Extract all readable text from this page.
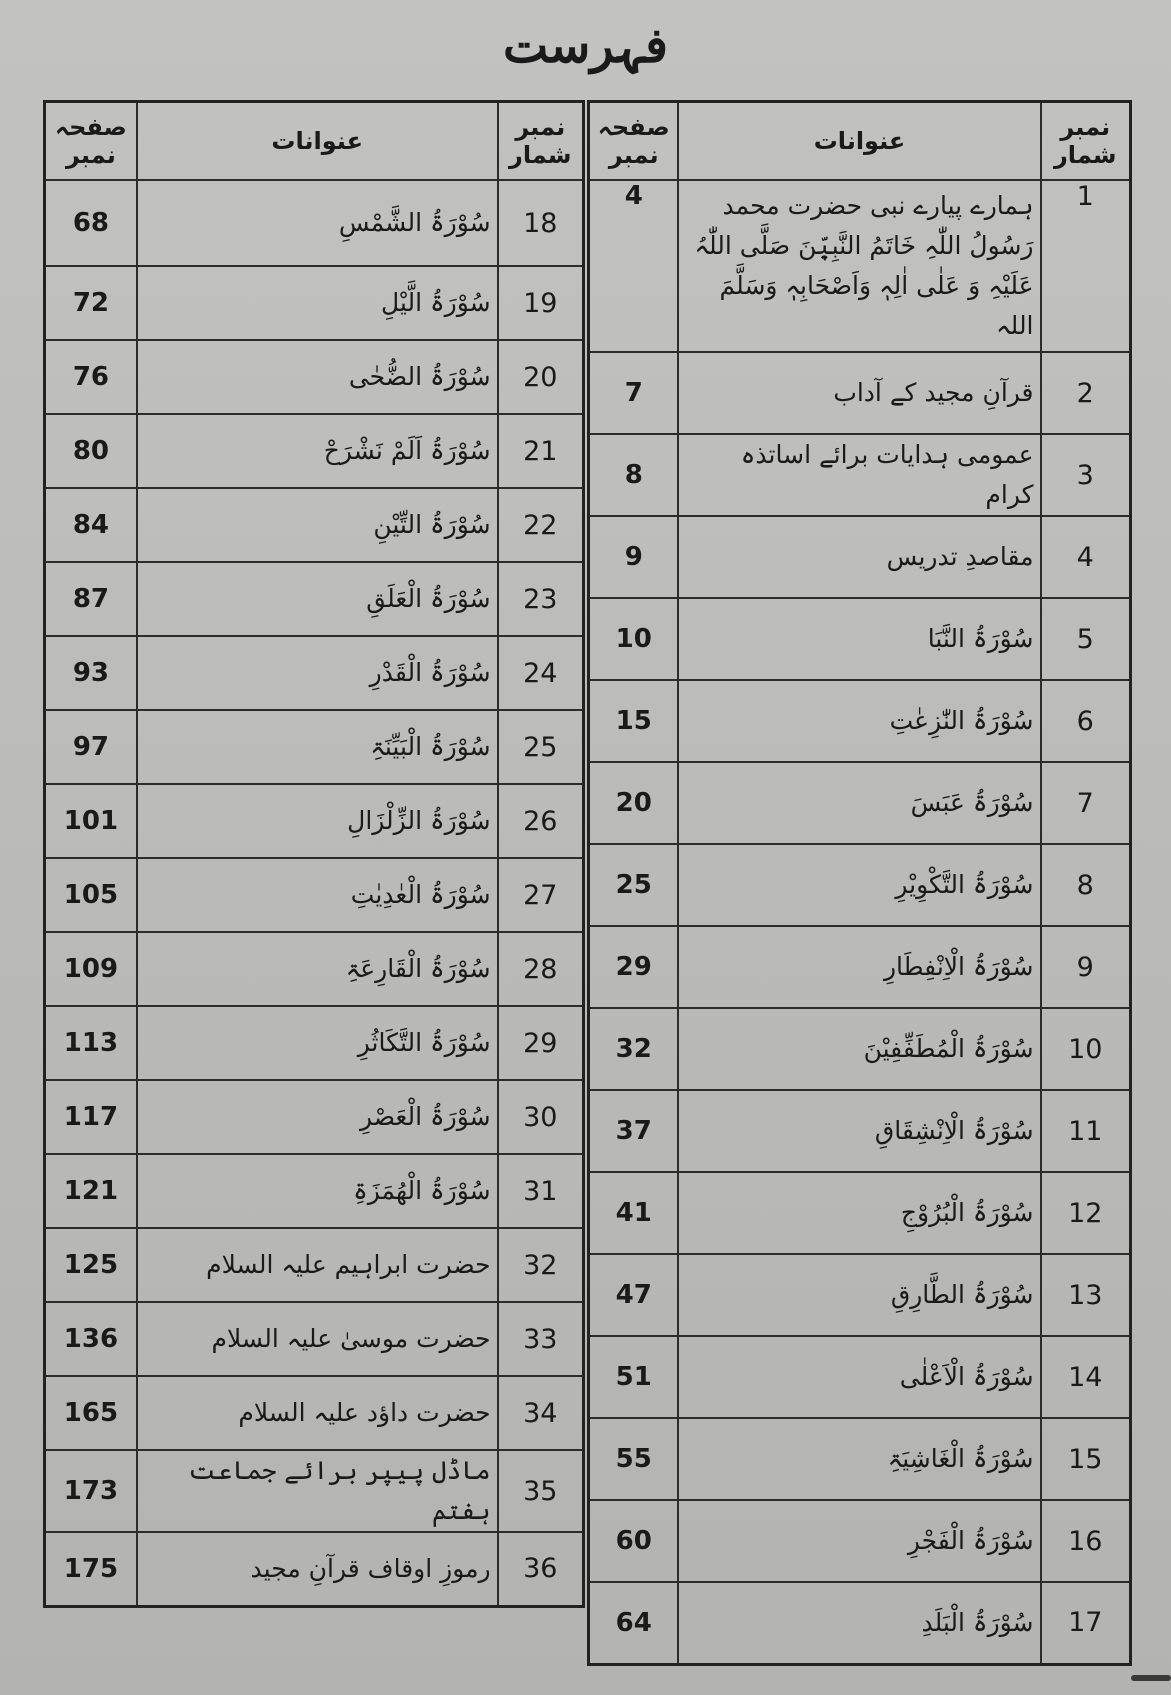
فہرست
صفحہ نمبر	عنوانات	نمبر شمار
4	ہمارے پیارے نبی حضرت محمد رَسُولُ اللّٰہِ خَاتَمُ النَّبِیّٖنَ صَلَّی اللّٰہُ عَلَیْہِ وَ عَلٰی اٰلِہٖ وَاَصْحَابِہٖ وَسَلَّمَ اللہ	1
7	قرآنِ مجید کے آداب	2
8	عمومی ہدایات برائے اساتذہ کرام	3
9	مقاصدِ تدریس	4
10	سُوْرَۃُ النَّبَا	5
15	سُوْرَۃُ النّٰزِعٰتِ	6
20	سُوْرَۃُ عَبَسَ	7
25	سُوْرَۃُ التَّکْوِیْرِ	8
29	سُوْرَۃُ الْاِنْفِطَارِ	9
32	سُوْرَۃُ الْمُطَفِّفِیْنَ	10
37	سُوْرَۃُ الْاِنْشِقَاقِ	11
41	سُوْرَۃُ الْبُرُوْجِ	12
47	سُوْرَۃُ الطَّارِقِ	13
51	سُوْرَۃُ الْاَعْلٰی	14
55	سُوْرَۃُ الْغَاشِیَۃِ	15
60	سُوْرَۃُ الْفَجْرِ	16
64	سُوْرَۃُ الْبَلَدِ	17
صفحہ نمبر	عنوانات	نمبر شمار
68	سُوْرَۃُ الشَّمْسِ	18
72	سُوْرَۃُ الَّیْلِ	19
76	سُوْرَۃُ الضُّحٰی	20
80	سُوْرَۃُ اَلَمْ نَشْرَحْ	21
84	سُوْرَۃُ التِّیْنِ	22
87	سُوْرَۃُ الْعَلَقِ	23
93	سُوْرَۃُ الْقَدْرِ	24
97	سُوْرَۃُ الْبَیِّنَۃِ	25
101	سُوْرَۃُ الزِّلْزَالِ	26
105	سُوْرَۃُ الْعٰدِیٰتِ	27
109	سُوْرَۃُ الْقَارِعَۃِ	28
113	سُوْرَۃُ التَّکَاثُرِ	29
117	سُوْرَۃُ الْعَصْرِ	30
121	سُوْرَۃُ الْھُمَزَۃِ	31
125	حضرت ابراہیم علیہ السلام	32
136	حضرت موسیٰ علیہ السلام	33
165	حضرت داؤد علیہ السلام	34
173	ماڈل پیپر برائے جماعت ہفتم	35
175	رموزِ اوقاف قرآنِ مجید	36
